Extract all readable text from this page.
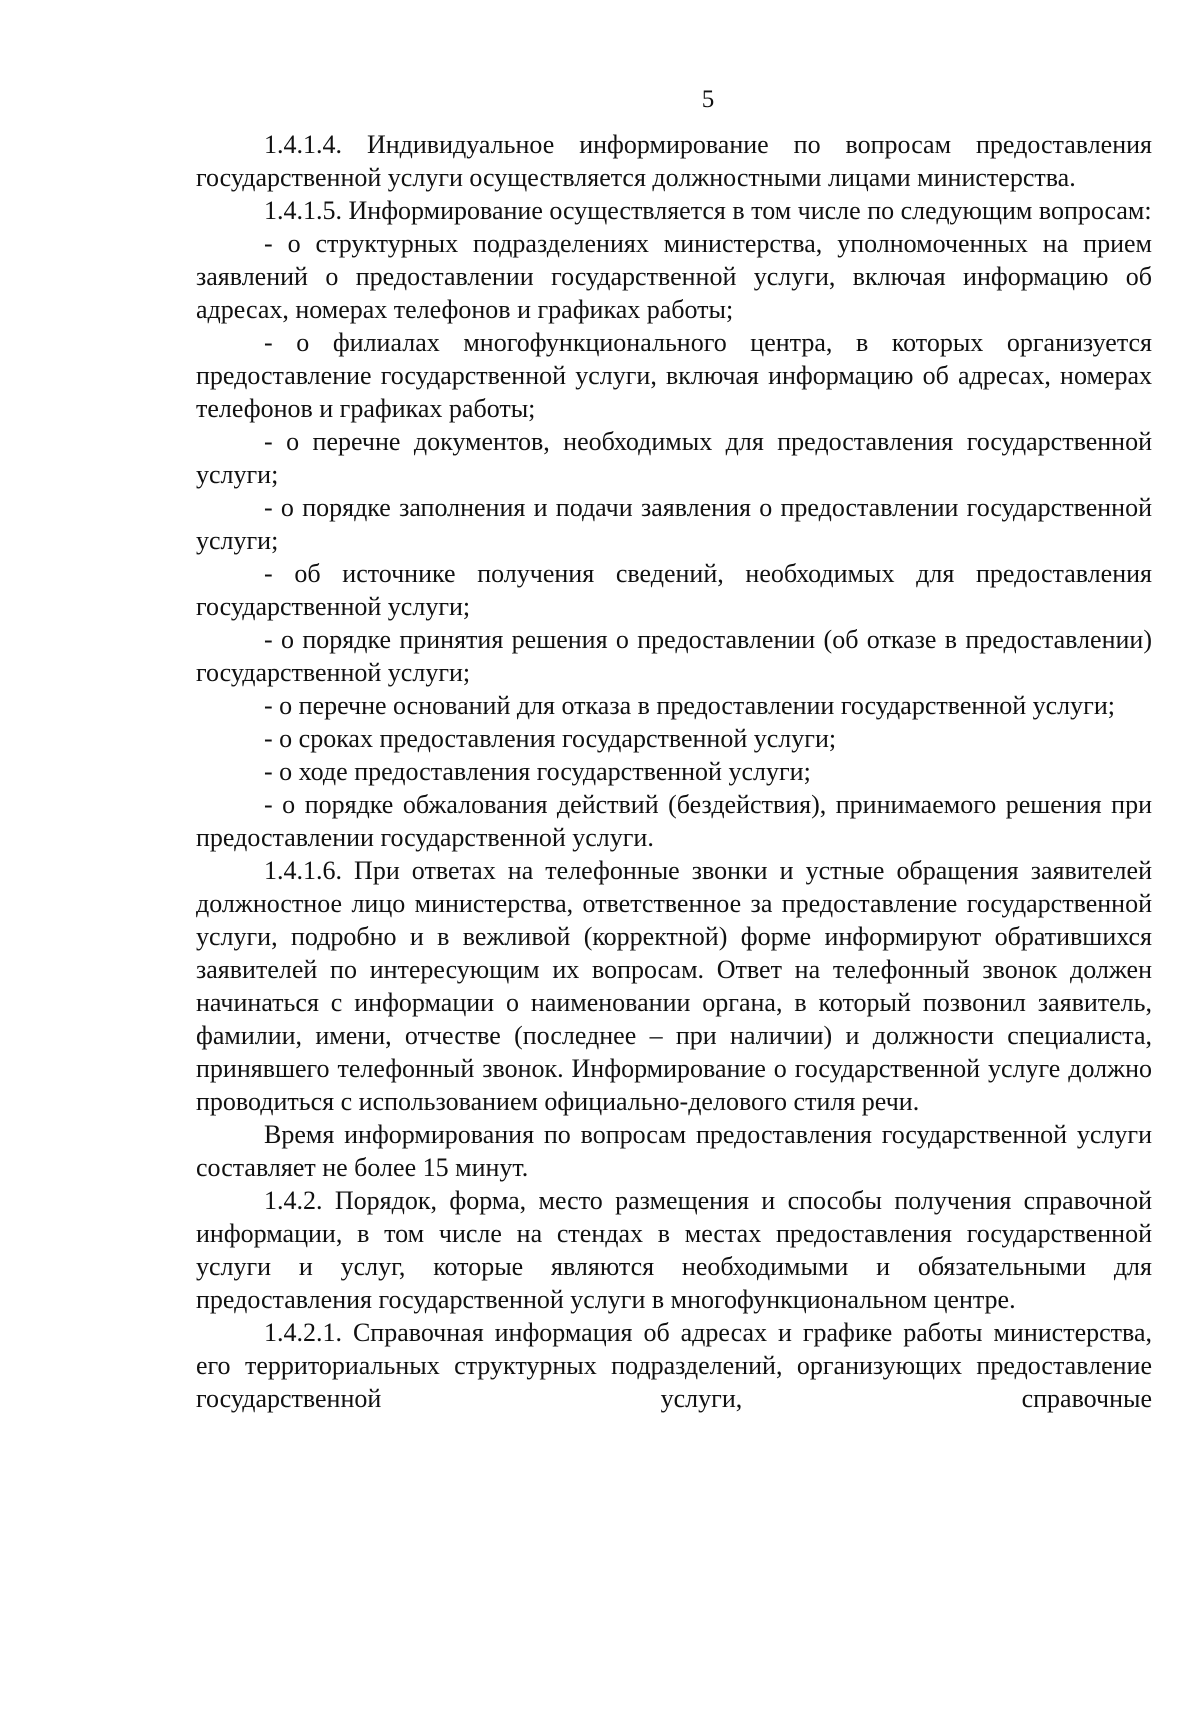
5

1.4.1.4. Индивидуальное информирование по вопросам предоставления государственной услуги осуществляется должностными лицами министерства.

1.4.1.5. Информирование осуществляется в том числе по следующим вопросам:

- о структурных подразделениях министерства, уполномоченных на прием заявлений о предоставлении государственной услуги, включая информацию об адресах, номерах телефонов и графиках работы;

- о филиалах многофункционального центра, в которых организуется предоставление государственной услуги, включая информацию об адресах, номерах телефонов и графиках работы;

- о перечне документов, необходимых для предоставления государственной услуги;

- о порядке заполнения и подачи заявления о предоставлении государственной услуги;

- об источнике получения сведений, необходимых для предоставления государственной услуги;

- о порядке принятия решения о предоставлении (об отказе в предоставлении) государственной услуги;

- о перечне оснований для отказа в предоставлении государственной услуги;

- о сроках предоставления государственной услуги;

- о ходе предоставления государственной услуги;

- о порядке обжалования действий (бездействия), принимаемого решения при предоставлении государственной услуги.

1.4.1.6. При ответах на телефонные звонки и устные обращения заявителей должностное лицо министерства, ответственное за предоставление государственной услуги, подробно и в вежливой (корректной) форме информируют обратившихся заявителей по интересующим их вопросам. Ответ на телефонный звонок должен начинаться с информации о наименовании органа, в который позвонил заявитель, фамилии, имени, отчестве (последнее – при наличии) и должности специалиста, принявшего телефонный звонок. Информирование о государственной услуге должно проводиться с использованием официально-делового стиля речи.

Время информирования по вопросам предоставления государственной услуги составляет не более 15 минут.

1.4.2. Порядок, форма, место размещения и способы получения справочной информации, в том числе на стендах в местах предоставления государственной услуги и услуг, которые являются необходимыми и обязательными для предоставления государственной услуги в многофункциональном центре.

1.4.2.1. Справочная информация об адресах и графике работы министерства, его территориальных структурных подразделений, организующих предоставление государственной услуги, справочные
